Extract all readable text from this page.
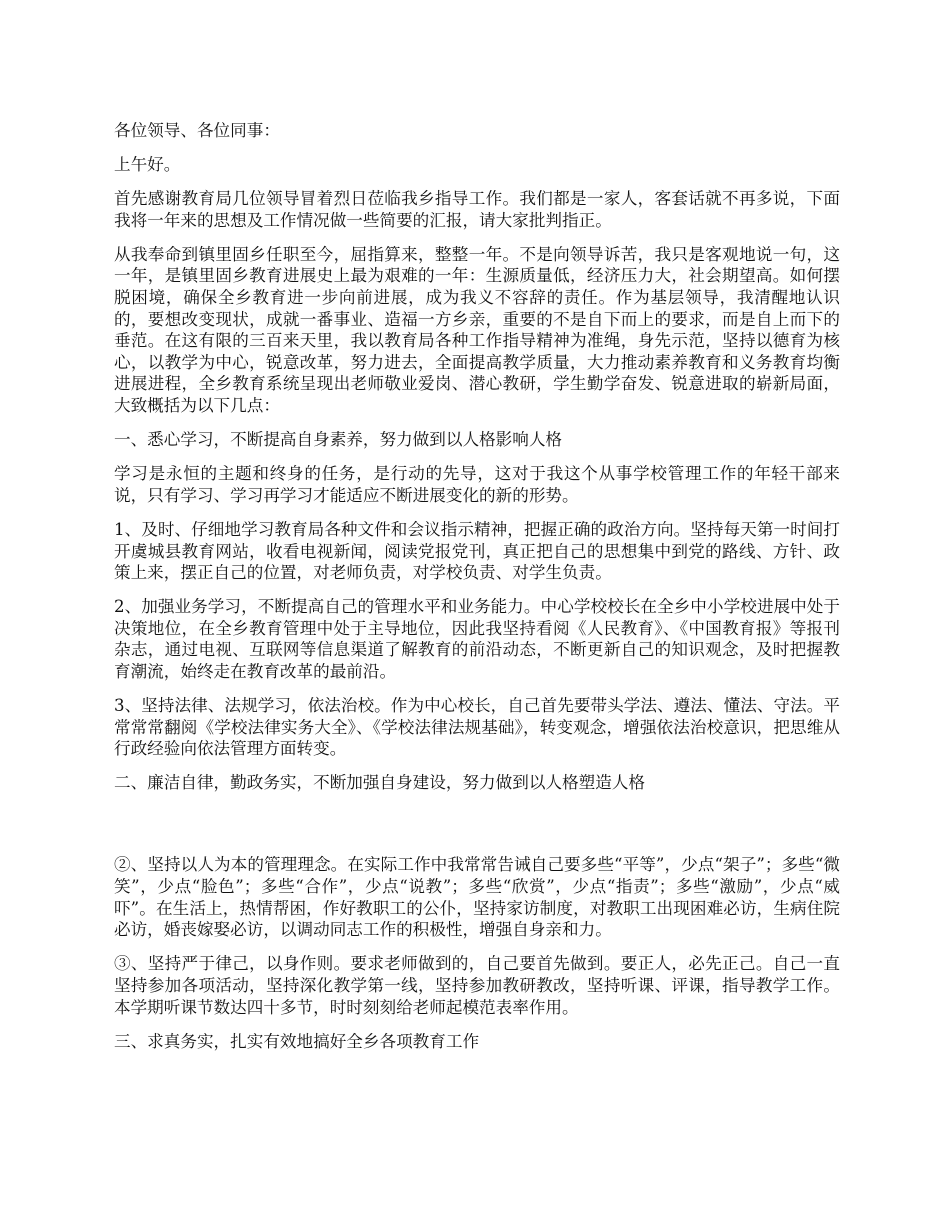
各位领导、各位同事：

上午好。

首先感谢教育局几位领导冒着烈日莅临我乡指导工作。我们都是一家人，客套话就不再多说，下面我将一年来的思想及工作情况做一些简要的汇报，请大家批判指正。

从我奉命到镇里固乡任职至今，屈指算来，整整一年。不是向领导诉苦，我只是客观地说一句，这一年，是镇里固乡教育进展史上最为艰难的一年：生源质量低，经济压力大，社会期望高。如何摆脱困境，确保全乡教育进一步向前进展，成为我义不容辞的责任。作为基层领导，我清醒地认识的，要想改变现状，成就一番事业、造福一方乡亲，重要的不是自下而上的要求，而是自上而下的垂范。在这有限的三百来天里，我以教育局各种工作指导精神为准绳，身先示范，坚持以德育为核心，以教学为中心，锐意改革，努力进去，全面提高教学质量，大力推动素养教育和义务教育均衡进展进程，全乡教育系统呈现出老师敬业爱岗、潜心教研，学生勤学奋发、锐意进取的崭新局面，大致概括为以下几点：

一、悉心学习，不断提高自身素养，努力做到以人格影响人格

学习是永恒的主题和终身的任务，是行动的先导，这对于我这个从事学校管理工作的年轻干部来说，只有学习、学习再学习才能适应不断进展变化的新的形势。

1、及时、仔细地学习教育局各种文件和会议指示精神，把握正确的政治方向。坚持每天第一时间打开虞城县教育网站，收看电视新闻，阅读党报党刊，真正把自己的思想集中到党的路线、方针、政策上来，摆正自己的位置，对老师负责，对学校负责、对学生负责。

2、加强业务学习，不断提高自己的管理水平和业务能力。中心学校校长在全乡中小学校进展中处于决策地位，在全乡教育管理中处于主导地位，因此我坚持看阅《人民教育》、《中国教育报》等报刊杂志，通过电视、互联网等信息渠道了解教育的前沿动态，不断更新自己的知识观念，及时把握教育潮流，始终走在教育改革的最前沿。

3、坚持法律、法规学习，依法治校。作为中心校长，自己首先要带头学法、遵法、懂法、守法。平常常常翻阅《学校法律实务大全》、《学校法律法规基础》，转变观念，增强依法治校意识，把思维从行政经验向依法管理方面转变。

二、廉洁自律，勤政务实，不断加强自身建设，努力做到以人格塑造人格

②、坚持以人为本的管理理念。在实际工作中我常常告诫自己要多些“平等”，少点“架子”；多些“微笑”，少点“脸色”；多些“合作”，少点“说教”；多些“欣赏”，少点“指责”；多些“激励”，少点“威吓”。在生活上，热情帮困，作好教职工的公仆，坚持家访制度，对教职工出现困难必访，生病住院必访，婚丧嫁娶必访，以调动同志工作的积极性，增强自身亲和力。

③、坚持严于律己，以身作则。要求老师做到的，自己要首先做到。要正人，必先正己。自己一直坚持参加各项活动，坚持深化教学第一线，坚持参加教研教改，坚持听课、评课，指导教学工作。本学期听课节数达四十多节，时时刻刻给老师起模范表率作用。

三、求真务实，扎实有效地搞好全乡各项教育工作
